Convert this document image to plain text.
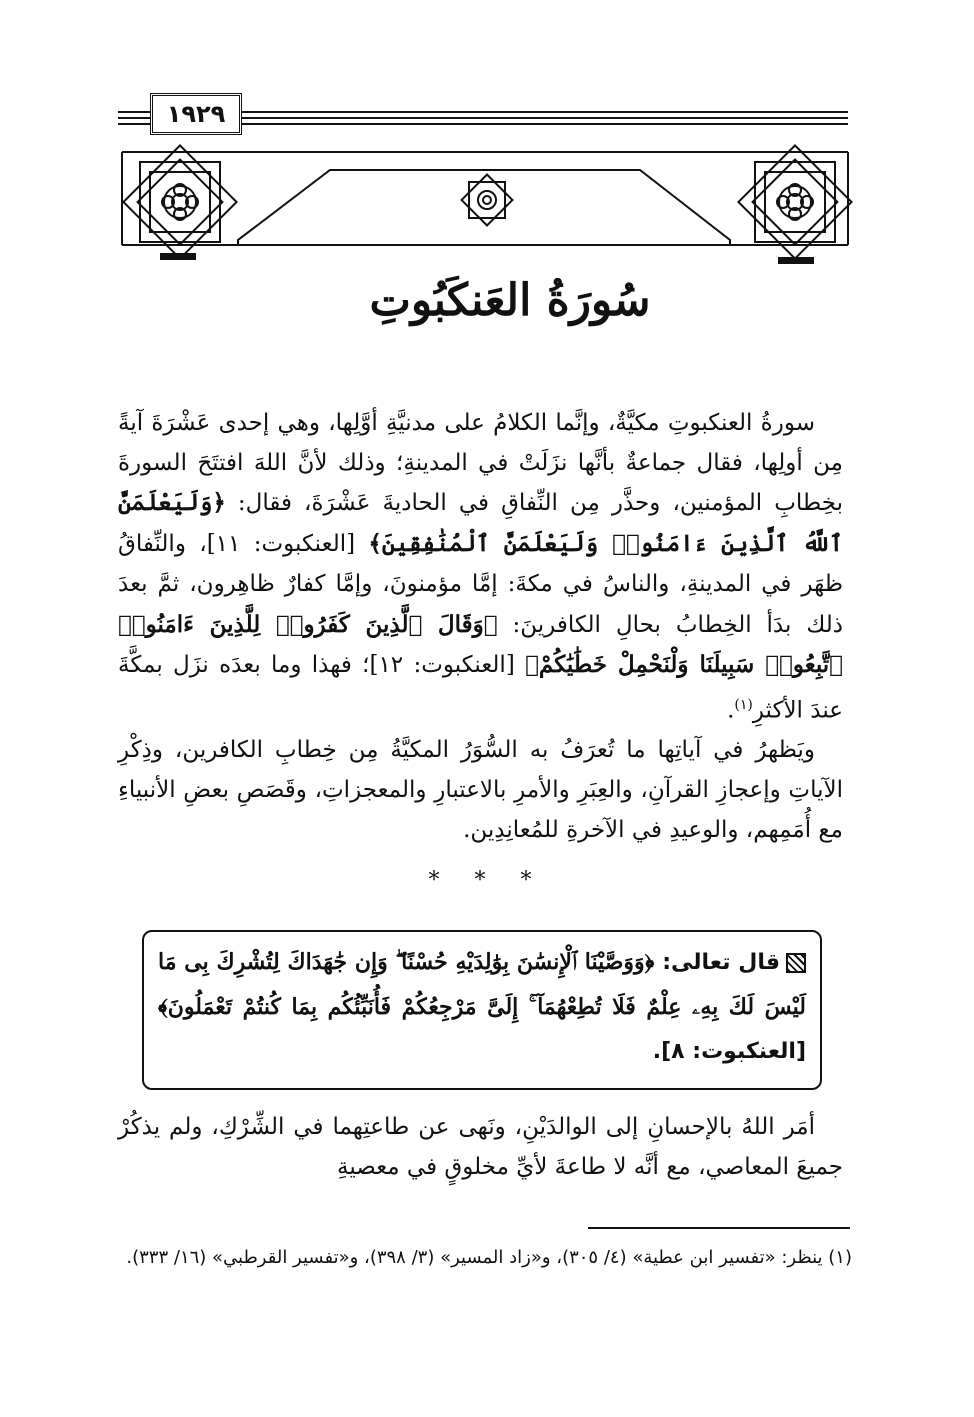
١٩٢٩
سُورَةُ العَنكَبُوتِ

سورةُ العنكبوتِ مكيَّةٌ، وإنَّما الكلامُ على مدنيَّةِ أوَّلِها، وهي إحدى عَشْرَةَ آيةً مِن أولِها، فقال جماعةٌ بأنَّها نزَلَتْ في المدينةِ؛ وذلك لأنَّ اللهَ افتتَحَ السورةَ بخِطابِ المؤمنين، وحذَّر مِن النِّفاقِ في الحاديةَ عَشْرَةَ، فقال: ﴿وَلَيَعْلَمَنَّ ٱللَّهُ ٱلَّذِينَ ءَامَنُوا۟ وَلَيَعْلَمَنَّ ٱلْمُنَٰفِقِينَ﴾ [العنكبوت: ١١]، والنِّفاقُ ظهَر في المدينةِ، والناسُ في مكةَ: إمَّا مؤمنونَ، وإمَّا كفارٌ ظاهِرون، ثمَّ بعدَ ذلك بدَأ الخِطابُ بحالِ الكافرينَ: ﴿وَقَالَ ٱلَّذِينَ كَفَرُوا۟ لِلَّذِينَ ءَامَنُوا۟ ٱتَّبِعُوا۟ سَبِيلَنَا وَلْنَحْمِلْ خَطَٰيَٰكُمْ﴾ [العنكبوت: ١٢]؛ فهذا وما بعدَه نزَل بمكَّةَ عندَ الأكثرِ$^{(١)}$.

ويَظهرُ في آياتِها ما تُعرَفُ به السُّوَرُ المكيَّةُ مِن خِطابِ الكافرين، وذِكْرِ الآياتِ وإعجازِ القرآنِ، والعِبَرِ والأمرِ بالاعتبارِ والمعجزاتِ، وقَصَصِ بعضِ الأنبياءِ مع أُمَمِهم، والوعيدِ في الآخرةِ للمُعانِدِين.

* * *
قال تعالى: ﴿وَوَصَّيْنَا ٱلْإِنسَٰنَ بِوَٰلِدَيْهِ حُسْنًا ۖ وَإِن جَٰهَدَاكَ لِتُشْرِكَ بِى مَا لَيْسَ لَكَ بِهِۦ عِلْمٌ فَلَا تُطِعْهُمَآ ۚ إِلَىَّ مَرْجِعُكُمْ فَأُنَبِّئُكُم بِمَا كُنتُمْ تَعْمَلُونَ﴾ [العنكبوت: ٨].

أمَر اللهُ بالإحسانِ إلى الوالدَيْنِ، ونَهى عن طاعتِهما في الشِّرْكِ، ولم يذكُرْ جميعَ المعاصي، مع أنَّه لا طاعةَ لأيِّ مخلوقٍ في معصيةِ

(١) ينظر: «تفسير ابن عطية» (٤/ ٣٠٥)، و«زاد المسير» (٣/ ٣٩٨)، و«تفسير القرطبي» (١٦/ ٣٣٣).
